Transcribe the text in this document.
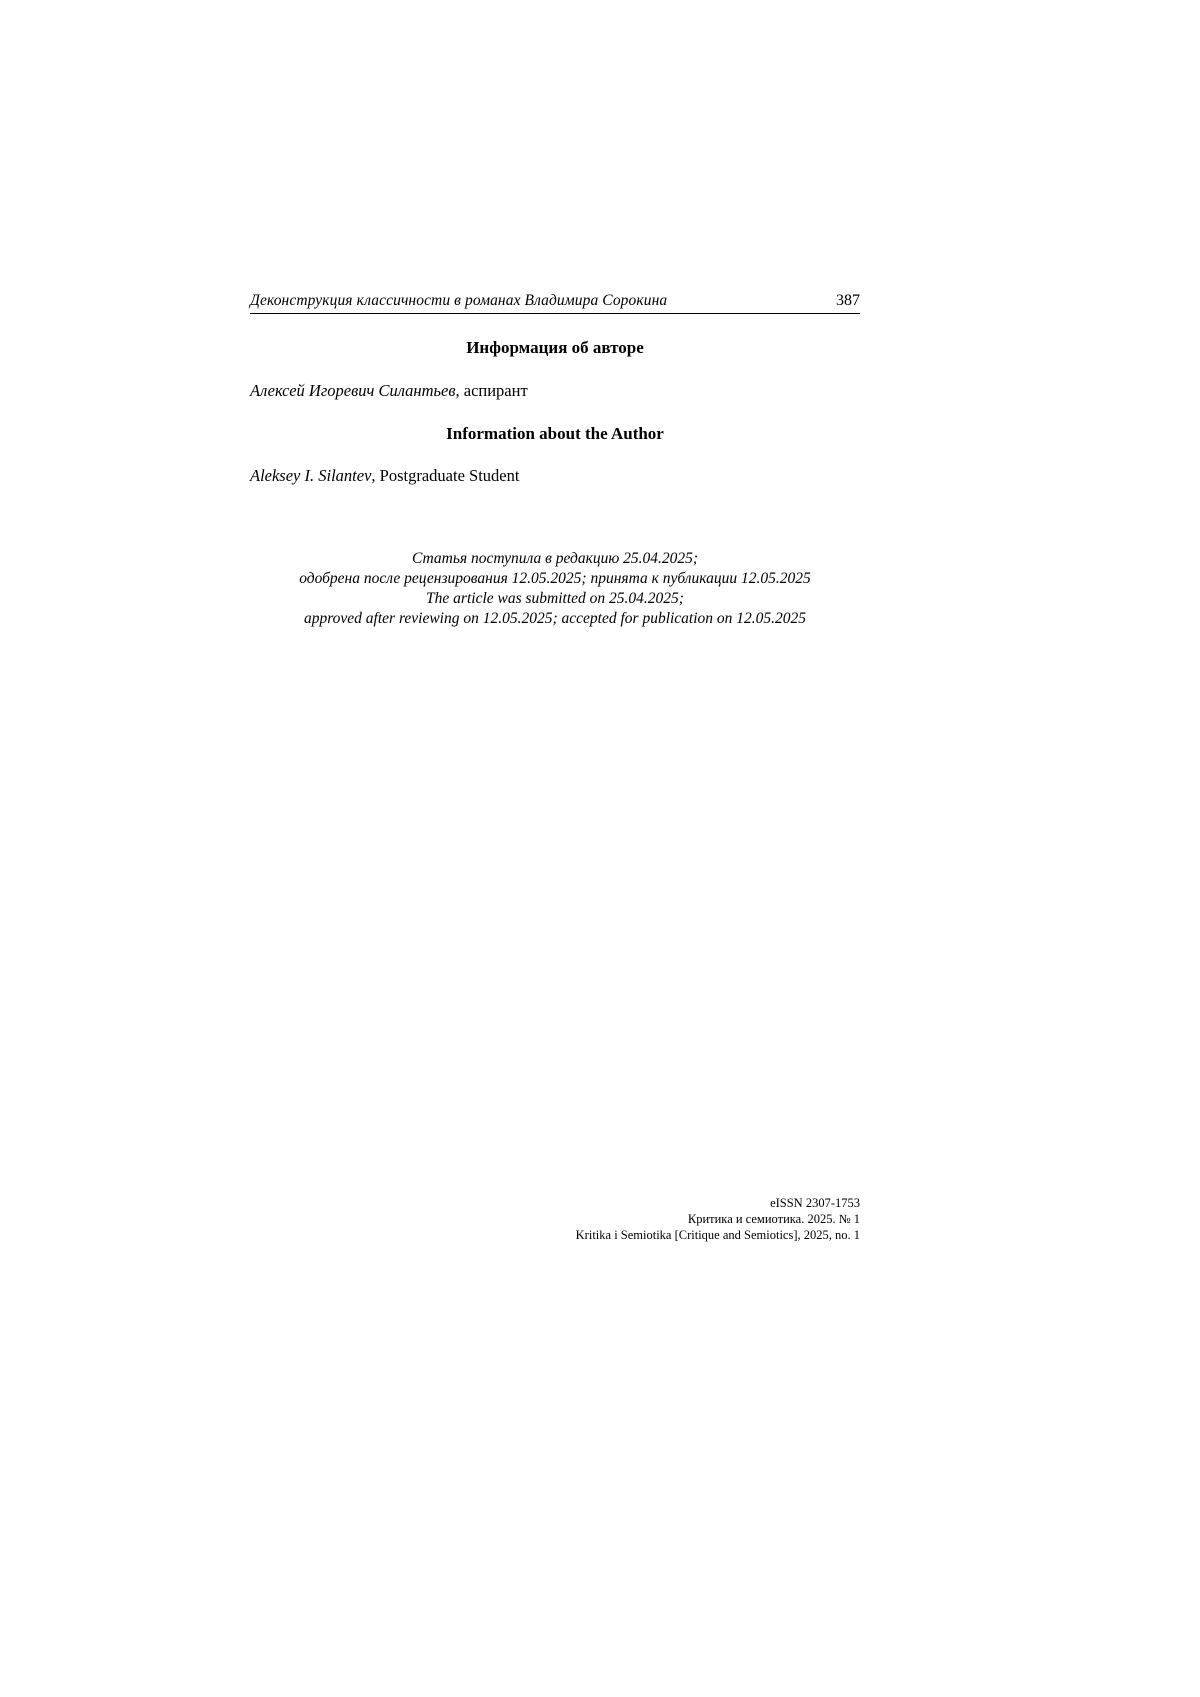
Деконструкция классичности в романах Владимира Сорокина	387
Информация об авторе
Алексей Игоревич Силантьев, аспирант
Information about the Author
Aleksey I. Silantev, Postgraduate Student
Статья поступила в редакцию 25.04.2025;
одобрена после рецензирования 12.05.2025; принята к публикации 12.05.2025
The article was submitted on 25.04.2025;
approved after reviewing on 12.05.2025; accepted for publication on 12.05.2025
eISSN 2307-1753
Критика и семиотика. 2025. № 1
Kritika i Semiotika [Critique and Semiotics], 2025, no. 1
